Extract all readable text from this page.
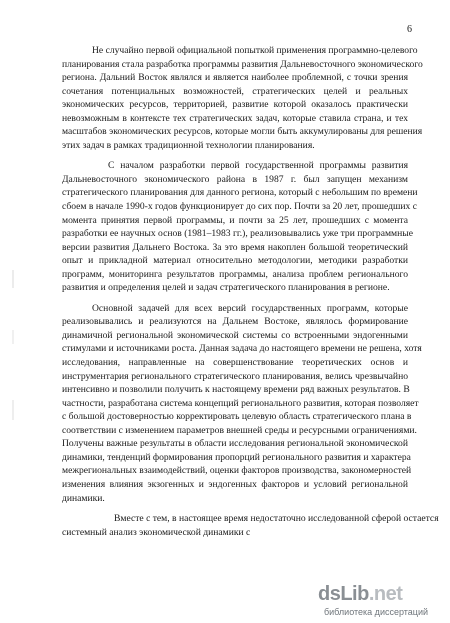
6
Не случайно первой официальной попыткой применения программно-целевого
планирования стала разработка программы развития Дальневосточного экономического
региона. Дальний Восток являлся и является наиболее проблемной, с точки зрения
сочетания потенциальных возможностей, стратегических целей и реальных
экономических ресурсов, территорией, развитие которой оказалось практически
невозможным в контексте тех стратегических задач, которые ставила страна, и тех
масштабов экономических ресурсов, которые могли быть аккумулированы для решения
этих задач в рамках традиционной технологии планирования.
С началом разработки первой государственной программы развития
Дальневосточного экономического района в 1987 г. был запущен механизм
стратегического планирования для данного региона, который с небольшим по времени
сбоем в начале 1990-х годов функционирует до сих пор. Почти за 20 лет, прошедших с
момента принятия первой программы, и почти за 25 лет, прошедших с момента
разработки ее научных основ (1981–1983 гг.), реализовывались уже три программные
версии развития Дальнего Востока. За это время накоплен большой теоретический
опыт и прикладной материал относительно методологии, методики разработки
программ, мониторинга результатов программы, анализа проблем регионального
развития и определения целей и задач стратегического планирования в регионе.
Основной задачей для всех версий государственных программ, которые
реализовывались и реализуются на Дальнем Востоке, являлось формирование
динамичной региональной экономической системы со встроенными эндогенными
стимулами и источниками роста. Данная задача до настоящего времени не решена, хотя
исследования, направленные на совершенствование теоретических основ и
инструментария регионального стратегического планирования, велись чрезвычайно
интенсивно и позволили получить к настоящему времени ряд важных результатов. В
частности, разработана система концепций регионального развития, которая позволяет
с большой достоверностью корректировать целевую область стратегического плана в
соответствии с изменением параметров внешней среды и ресурсными ограничениями.
Получены важные результаты в области исследования региональной экономической
динамики, тенденций формирования пропорций регионального развития и характера
межрегиональных взаимодействий, оценки факторов производства, закономерностей
изменения влияния экзогенных и эндогенных факторов и условий региональной
динамики.
Вместе с тем, в настоящее время недостаточно исследованной сферой остается
системный анализ экономической динамики с
dsLib.net
библиотека диссертаций
